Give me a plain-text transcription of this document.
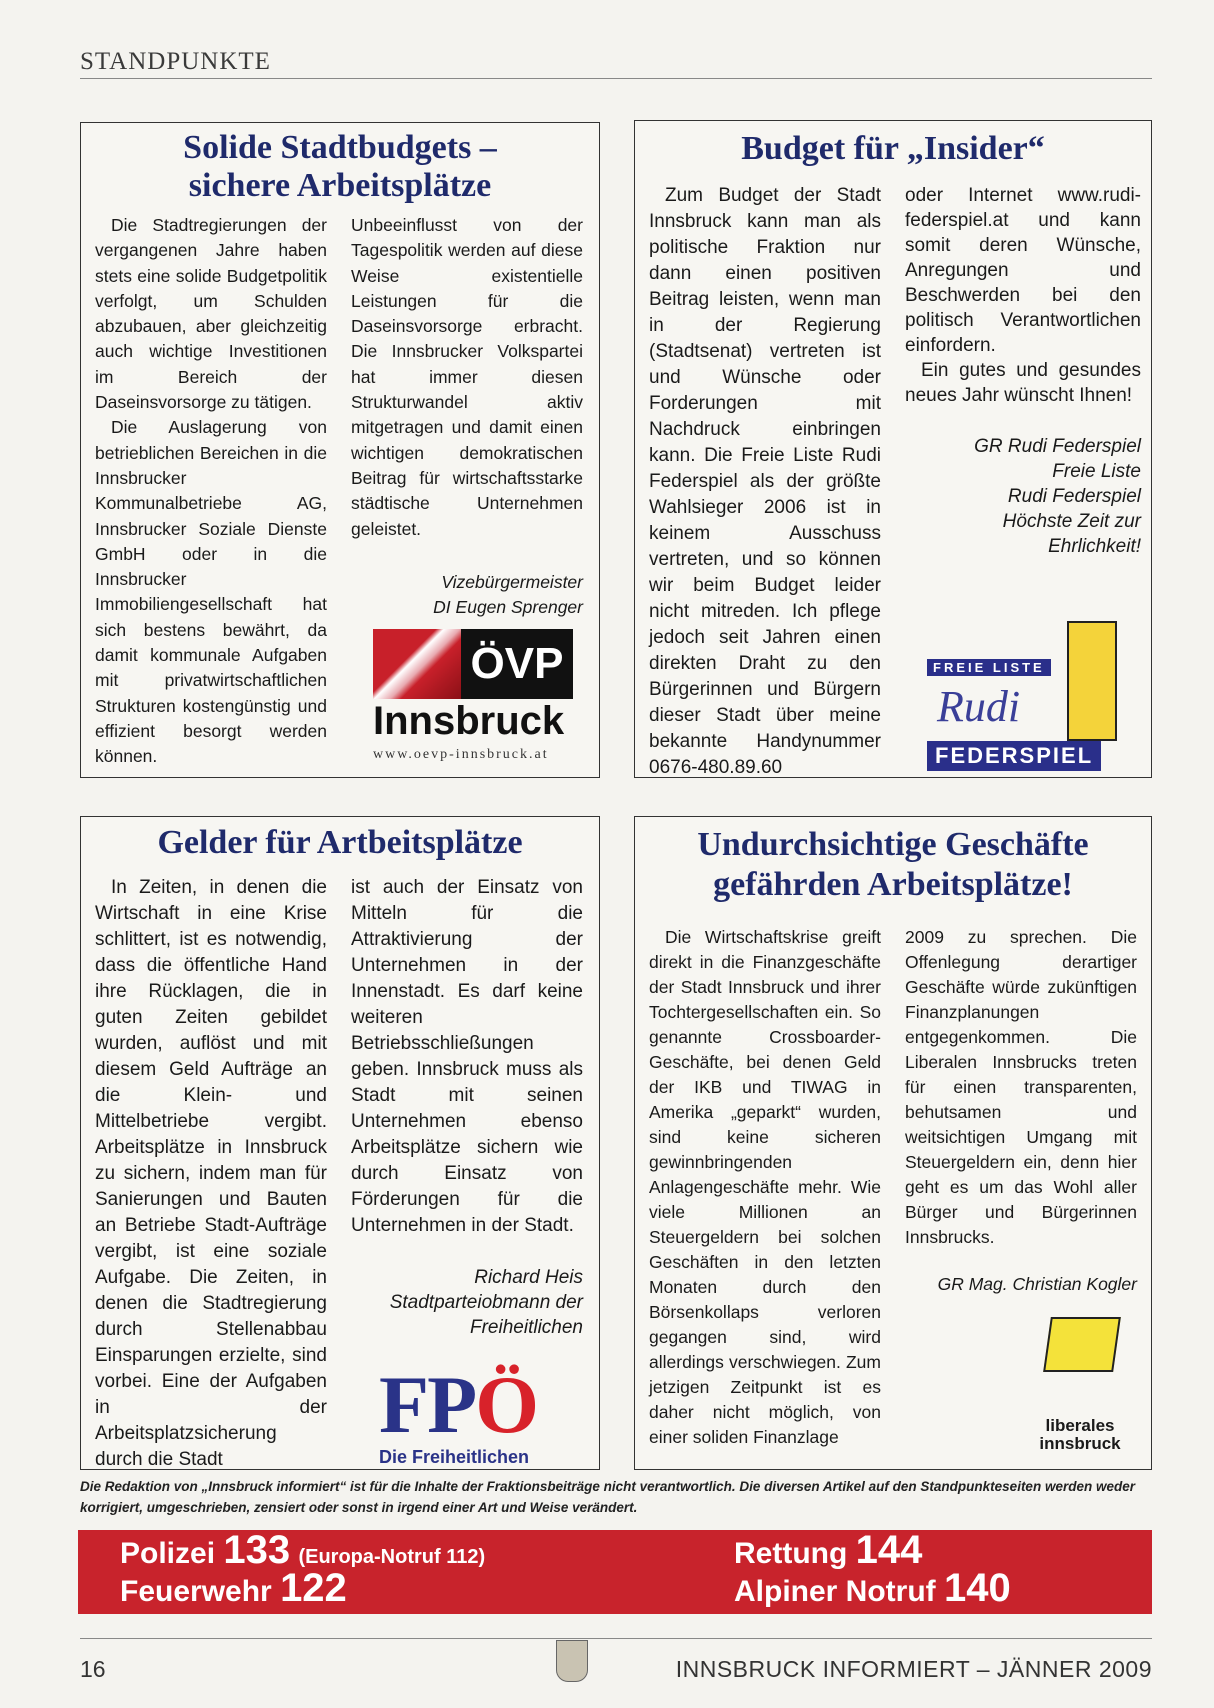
STANDPUNKTE
Solide Stadtbudgets –
sichere Arbeitsplätze

Die Stadtregierungen der vergangenen Jahre haben stets eine solide Budgetpolitik verfolgt, um Schulden abzubauen, aber gleichzeitig auch wichtige Investitionen im Bereich der Daseinsvorsorge zu tätigen.

Die Auslagerung von betrieblichen Bereichen in die Innsbrucker Kommunalbetriebe AG, Innsbrucker Soziale Dienste GmbH oder in die Innsbrucker Immobiliengesellschaft hat sich bestens bewährt, da damit kommunale Aufgaben mit privatwirtschaftlichen Strukturen kostengünstig und effizient besorgt werden können.

Unbeeinflusst von der Tagespolitik werden auf diese Weise existentielle Leistungen für die Daseinsvorsorge erbracht. Die Innsbrucker Volkspartei hat immer diesen Strukturwandel aktiv mitgetragen und damit einen wichtigen demokratischen Beitrag für wirtschaftsstarke städtische Unternehmen geleistet.

Vizebürgermeister
DI Eugen Sprenger
ÖVP
Innsbruck
www.oevp-innsbruck.at
Budget für „Insider“

Zum Budget der Stadt Innsbruck kann man als politische Fraktion nur dann einen positiven Beitrag leisten, wenn man in der Regierung (Stadtsenat) vertreten ist und Wünsche oder Forderungen mit Nachdruck einbringen kann. Die Freie Liste Rudi Federspiel als der größte Wahlsieger 2006 ist in keinem Ausschuss vertreten, und so können wir beim Budget leider nicht mitreden. Ich pflege jedoch seit Jahren einen direkten Draht zu den Bürgerinnen und Bürgern dieser Stadt über meine bekannte Handynummer 0676-480.89.60

oder Internet www.rudi-federspiel.at und kann somit deren Wünsche, Anregungen und Beschwerden bei den politisch Verantwortlichen einfordern.

Ein gutes und gesundes neues Jahr wünscht Ihnen!

GR Rudi Federspiel
Freie Liste
Rudi Federspiel
Höchste Zeit zur
Ehrlichkeit!
FREIE LISTE
Rudi
FEDERSPIEL
Gelder für Artbeitsplätze

In Zeiten, in denen die Wirtschaft in eine Krise schlittert, ist es notwendig, dass die öffentliche Hand ihre Rücklagen, die in guten Zeiten gebildet wurden, auflöst und mit diesem Geld Aufträge an die Klein- und Mittelbetriebe vergibt. Arbeitsplätze in Innsbruck zu sichern, indem man für Sanierungen und Bauten an Betriebe Stadt-Aufträge vergibt, ist eine soziale Aufgabe. Die Zeiten, in denen die Stadtregierung durch Stellenabbau Einsparungen erzielte, sind vorbei. Eine der Aufgaben in der Arbeitsplatzsicherung durch die Stadt

ist auch der Einsatz von Mitteln für die Attraktivierung der Unternehmen in der Innenstadt. Es darf keine weiteren Betriebsschließungen geben. Innsbruck muss als Stadt mit seinen Unternehmen ebenso Arbeitsplätze sichern wie durch Einsatz von Förderungen für die Unternehmen in der Stadt.

Richard Heis
Stadtparteiobmann der
Freiheitlichen
FPÖ
Die Freiheitlichen
Undurchsichtige Geschäfte
gefährden Arbeitsplätze!

Die Wirtschaftskrise greift direkt in die Finanzgeschäfte der Stadt Innsbruck und ihrer Tochtergesellschaften ein. So genannte Crossboarder-Geschäfte, bei denen Geld der IKB und TIWAG in Amerika „geparkt“ wurden, sind keine sicheren gewinnbringenden Anlagengeschäfte mehr. Wie viele Millionen an Steuergeldern bei solchen Geschäften in den letzten Monaten durch den Börsenkollaps verloren gegangen sind, wird allerdings verschwiegen. Zum jetzigen Zeitpunkt ist es daher nicht möglich, von einer soliden Finanzlage

2009 zu sprechen. Die Offenlegung derartiger Geschäfte würde zukünftigen Finanzplanungen entgegenkommen. Die Liberalen Innsbrucks treten für einen transparenten, behutsamen und weitsichtigen Umgang mit Steuergeldern ein, denn hier geht es um das Wohl aller Bürger und Bürgerinnen Innsbrucks.

GR Mag. Christian Kogler
liberales
innsbruck
Die Redaktion von „Innsbruck informiert“ ist für die Inhalte der Fraktionsbeiträge nicht verantwortlich. Die diversen Artikel auf den Standpunkteseiten werden weder korrigiert, umgeschrieben, zensiert oder sonst in irgend einer Art und Weise verändert.
Polizei 133 (Europa-Notruf 112)
Feuerwehr 122
Rettung 144
Alpiner Notruf 140
16	INNSBRUCK INFORMIERT – JÄNNER 2009
